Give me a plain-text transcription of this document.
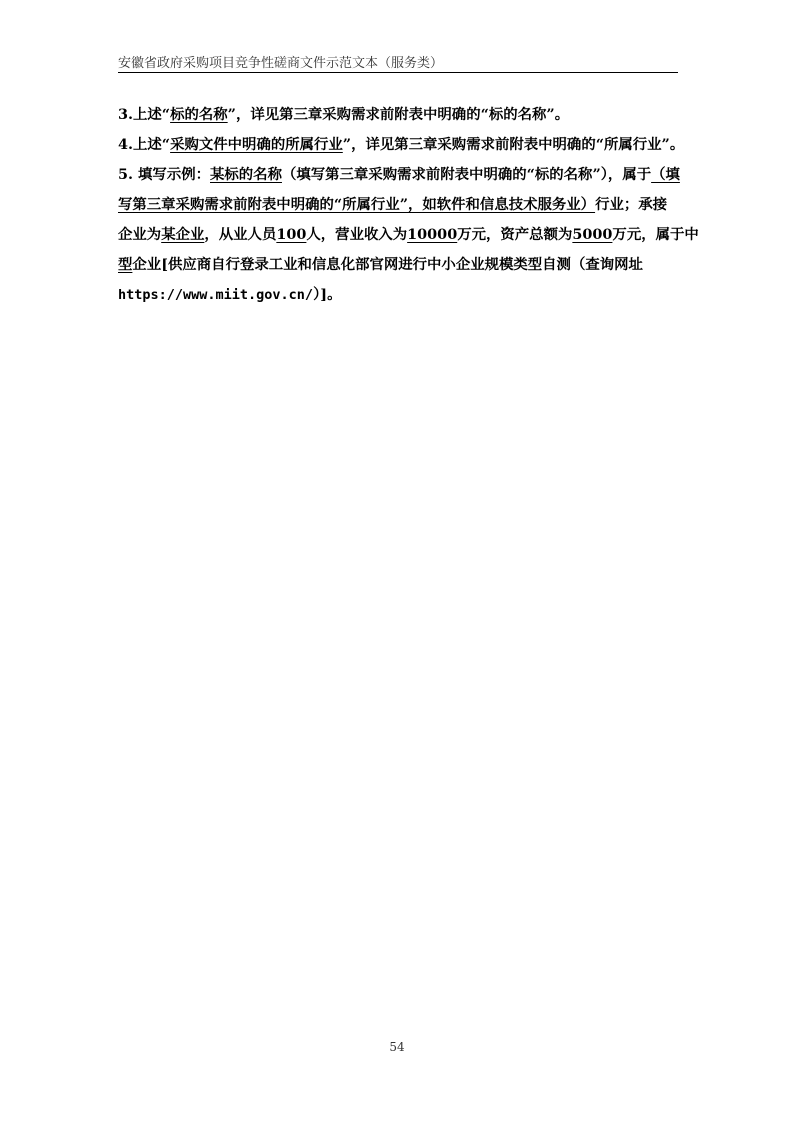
安徽省政府采购项目竞争性磋商文件示范文本（服务类）

3.上述“标的名称”，详见第三章采购需求前附表中明确的“标的名称”。

4.上述“采购文件中明确的所属行业”，详见第三章采购需求前附表中明确的“所属行业”。

5. 填写示例：某标的名称（填写第三章采购需求前附表中明确的“标的名称”），属于（填

写第三章采购需求前附表中明确的“所属行业”，如软件和信息技术服务业）行业；承接

企业为某企业，从业人员100人，营业收入为10000万元，资产总额为5000万元，属于中

型企业[供应商自行登录工业和信息化部官网进行中小企业规模类型自测（查询网址

https://www.miit.gov.cn/）]。

54
